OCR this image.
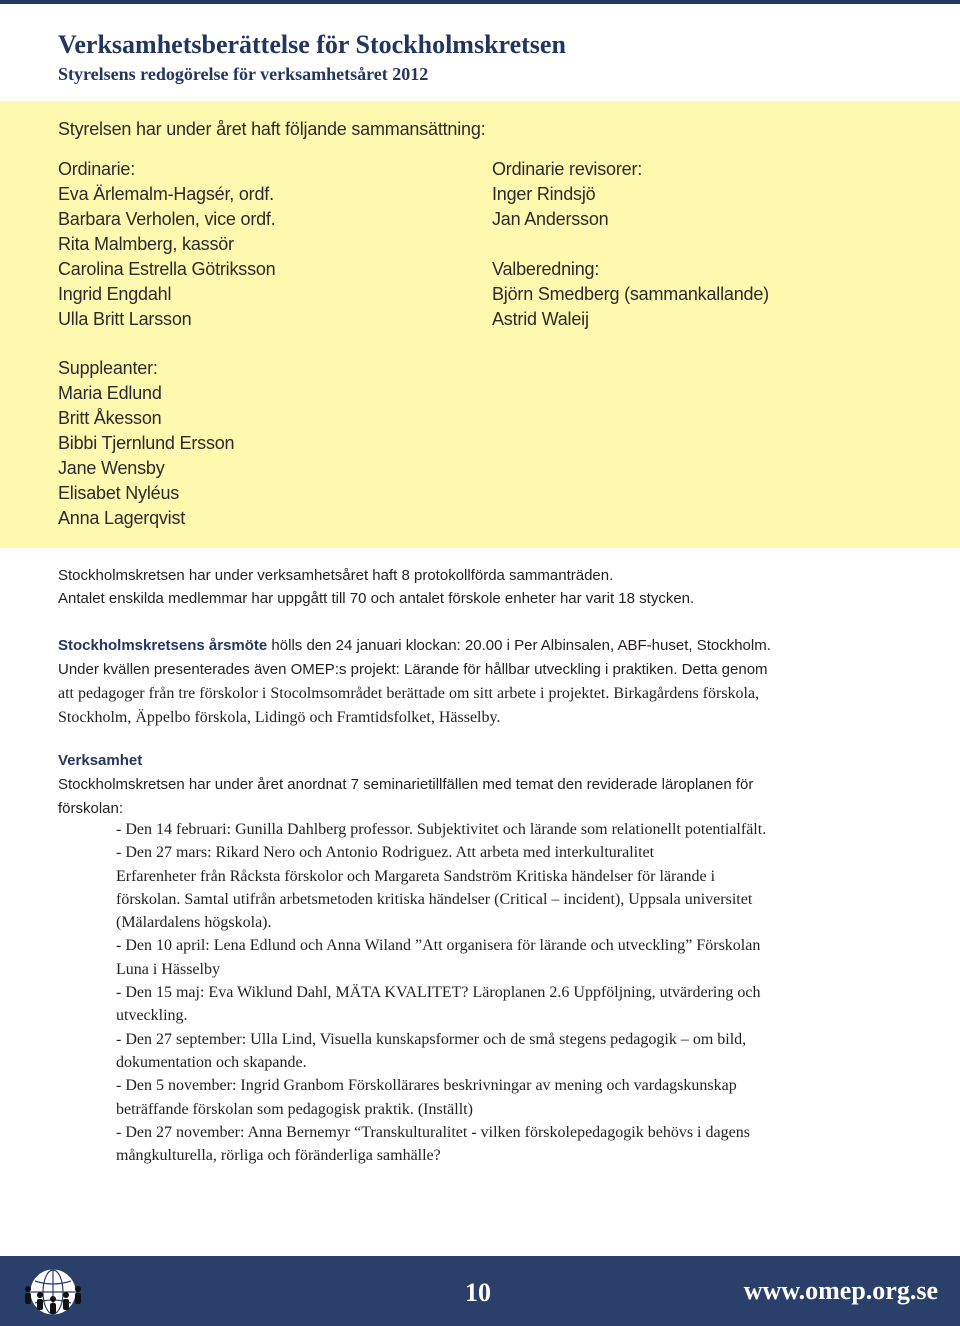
Verksamhetsberättelse för Stockholmskretsen
Styrelsens redogörelse för verksamhetsåret 2012
Styrelsen har under året haft följande sammansättning:
Ordinarie:
Eva Ärlemalm-Hagsér, ordf.
Barbara Verholen, vice ordf.
Rita Malmberg, kassör
Carolina Estrella Götriksson
Ingrid Engdahl
Ulla Britt Larsson
Ordinarie revisorer:
Inger Rindsjö
Jan Andersson
Valberedning:
Björn Smedberg (sammankallande)
Astrid Waleij
Suppleanter:
Maria Edlund
Britt Åkesson
Bibbi Tjernlund Ersson
Jane Wensby
Elisabet Nyléus
Anna Lagerqvist
Stockholmskretsen har under verksamhetsåret haft 8 protokollförda sammanträden.
Antalet enskilda medlemmar har uppgått till 70 och antalet förskole enheter har varit 18 stycken.
Stockholmskretsens årsmöte hölls den 24 januari klockan: 20.00 i Per Albinsalen, ABF-huset, Stockholm.
Under kvällen presenterades även OMEP:s projekt: Lärande för hållbar utveckling i praktiken. Detta genom
att pedagoger från tre förskolor i Stocolmsområdet berättade om sitt arbete i projektet. Birkagårdens förskola,
Stockholm, Äppelbo förskola, Lidingö och Framtidsfolket, Hässelby.
Verksamhet
Stockholmskretsen har under året anordnat 7 seminarietillfällen med temat den reviderade läroplanen för
förskolan:
- Den 14 februari: Gunilla Dahlberg professor. Subjektivitet och lärande som relationellt potentialfält.
- Den 27 mars: Rikard Nero och Antonio Rodriguez. Att arbeta med interkulturalitet
Erfarenheter från Råcksta förskolor och Margareta Sandström Kritiska händelser för lärande i
förskolan. Samtal utifrån arbetsmetoden kritiska händelser (Critical – incident), Uppsala universitet
(Mälardalens högskola).
- Den 10 april: Lena Edlund och Anna Wiland ”Att organisera för lärande och utveckling” Förskolan
Luna i Hässelby
- Den 15 maj: Eva Wiklund Dahl, MÄTA KVALITET? Läroplanen 2.6 Uppföljning, utvärdering och
utveckling.
- Den 27 september: Ulla Lind, Visuella kunskapsformer och de små stegens pedagogik – om bild,
dokumentation och skapande.
- Den 5 november: Ingrid Granbom Förskollärares beskrivningar av mening och vardagskunskap
beträffande förskolan som pedagogisk praktik. (Inställt)
- Den 27 november: Anna Bernemyr “Transkulturalitet - vilken förskolepedagogik behövs i dagens
mångkulturella, rörliga och föränderliga samhälle?
10	www.omep.org.se
